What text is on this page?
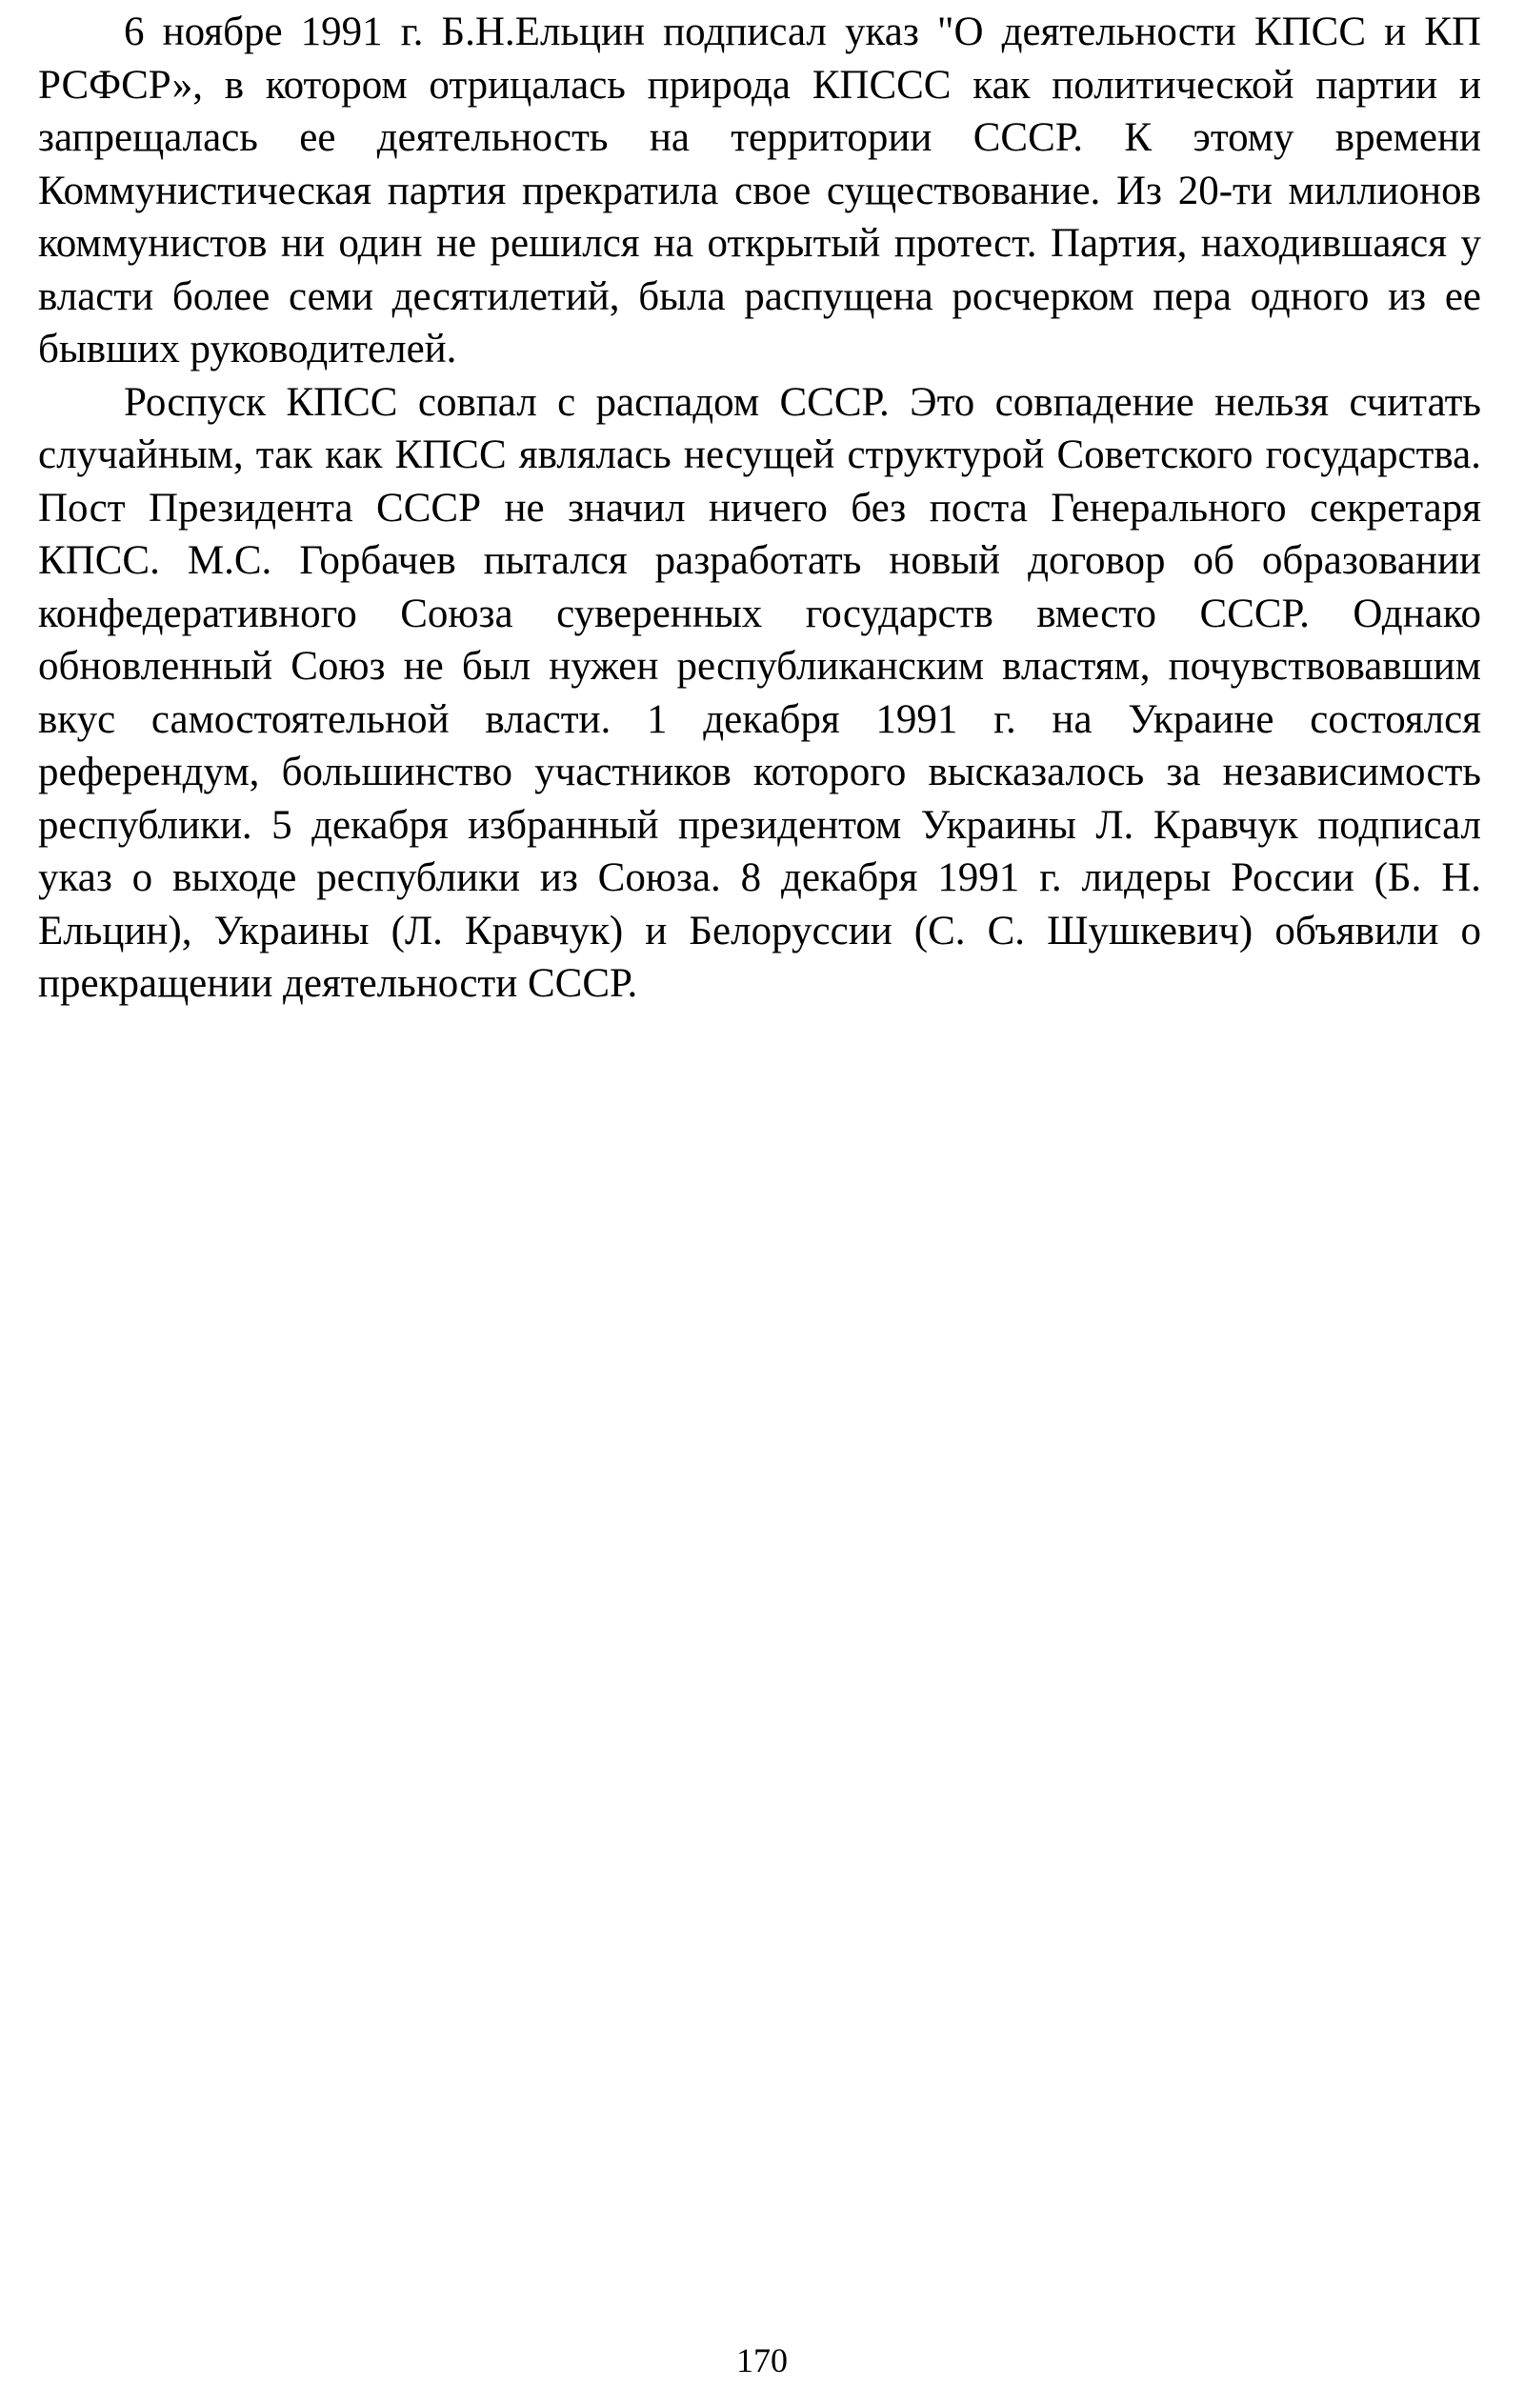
6 ноябре 1991 г. Б.Н.Ельцин подписал указ "О деятельности КПСС и КП РСФСР», в котором отрицалась природа КПССС как политической партии и запрещалась ее деятельность на территории СССР. К этому времени Коммунистическая партия прекратила свое существование. Из 20-ти миллионов коммунистов ни один не решился на открытый протест. Партия, находившаяся у власти более семи десятилетий, была распущена росчерком пера одного из ее бывших руководителей.

Роспуск КПСС совпал с распадом СССР. Это совпадение нельзя считать случайным, так как КПСС являлась несущей структурой Советского государства. Пост Президента СССР не значил ничего без поста Генерального секретаря КПСС. М.С. Горбачев пытался разработать новый договор об образовании конфедеративного Союза суверенных государств вместо СССР. Однако обновленный Союз не был нужен республиканским властям, почувствовавшим вкус самостоятельной власти. 1 декабря 1991 г. на Украине состоялся референдум, большинство участников которого высказалось за независимость республики. 5 декабря избранный президентом Украины Л. Кравчук подписал указ о выходе республики из Союза. 8 декабря 1991 г. лидеры России (Б. Н. Ельцин), Украины (Л. Кравчук) и Белоруссии (С. С. Шушкевич) объявили о прекращении деятельности СССР.

170
